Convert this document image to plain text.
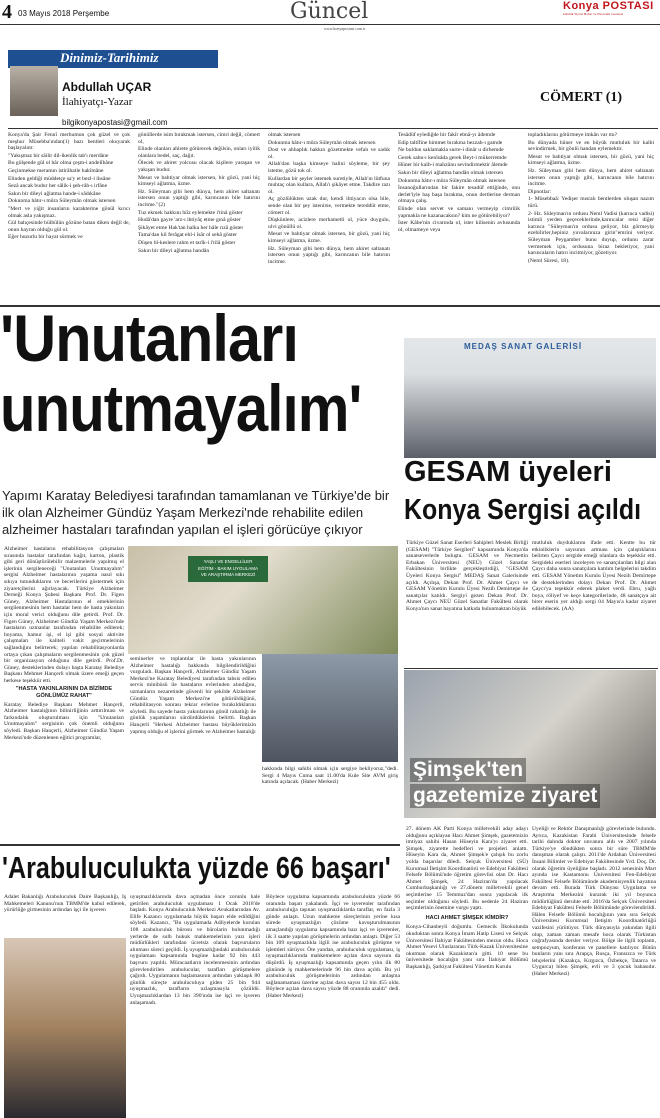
4 03 Mayıs 2018 Perşembe	Güncel
www.konyapostasi.com.tr
Konya POSTASI
Günlük Siyasi Haber ve Ekonomi Gazetesi
Dinimiz-Tarihimiz
Abdullah UÇAR
İlahiyatçı-Yazar
bilgikonyapostasi@gmail.com
CÖMERT (1)

Konya'da Şair Fennî merhumun çok güzel ve çok meşhur Müsebba'ından(1) bazı bentleri okuyarak başlayalım:

"Yakışmaz bir sâilir dil-ikenlik tab'ı merdâne

Bu gülşende gül ol hâr olma çeşm-i andelîbâne

Geçinmekse meramın istirâhatle hakîmâne

Elinden geldiği müddetçe sa'y et bezl-i ihsâne

Sezâ ancak budur her sâlik-i şeh-râh-ı irfâne

Sakın bir dileyi ağlatma hande-i sâdıkâne

Dokunma hâtır-ı mûra Süleymân olmak istersen

"Mert ve yiğit insanların karakterine gönül kırıcı olmak asla yakışmaz.

Gül bahçesinde bülbülün gözüne batan diken değil de, onun hayran olduğu gül ol.

Eğer huzurlu bir hayat sürmek ve

gönüllerde isim bırakmak istersen, cimri değil, cömert ol,

Elinde olanları ahirete götürecek değilsin, onları iyilik olanlara bedel, saç, dağıt.

Ölecek ve ahiret yolcusu olacak kişilere yaraşan ve yakışan budur.

Mesut ve bahtiyar olmak istersen, bir gözü, yani hiç kimseyi ağlatma, üzme.

Hz. Süleyman gibi hem dünya, hem ahiret saltanatı istersen onun yaptığı gibi, karıncanın bile hatırını incitme."(2)

Tuz ekmek hakkını hiîz eylemekte i'tinâ göster

Hudâ'dan gayre 'arz-ı ihtiyâç etme gınâ göster

Şikâyet etme Hak'tan halka her hâle rızâ göster

Tama'dan kil ferâgat ehl-i îsâr ol sehâ göster

Düşen bî-keslere rahm et tarîk-i i'tilâ göster

Sakın bir dileyi ağlatma handân

olmak istersen

Dokunma hâtır-ı mûra Süleymân olmak istersen

Dost ve ahbaplık hakkın gözetmekte vefalı ve sadık ol.

Allah'dan başka kimseye halini söyleme, bir şey isteme, gözü tok ol.

Kullardan bir şeyler istemek suretiyle, Allah'ın lütfuna muhtaç olan kullara, Allah'ı şikâyet etme. Takdire razı ol.

Aç gözlülükten uzak dur, kendi ihtiyacın olsa bile, sende olan bir şey istenirse, vermekte tereddüt etme, cömert ol.

Düşkünlere, acizlere merhametli ol, yüce duygulu, ulvi gönüllü ol.

Mesut ve bahtiyar olmak istersen, bir gözü, yani hiç kimseyi ağlatma, üzme.

Hz. Süleyman gibi hem dünya, hem ahiret saltanatı istersen onun yaptığı gibi, karıncanın bile hatırını incitme.

Tesâdüf eylediğde bir fakîr ebnâ-yı âdemde

Edip taltîfine himmet bırakma bezzah-ı gamde

Ne buldun saklamakla surre-i dinâr u dirhemde

Gerek sahn-ı kenîsâda gerek Beyt-i mükerremde

Hüner bir kalb-i mahzûnu sevindirmektir âlemde

Sakın bir dileyi ağlatma handân olmak istersen

Dokunma hâtır-ı mûra Süleymân olmak istersen

İnsanoğullarından bir fakire tesadüf ettiğinde, onu derlet'iyle baş başa bırakma, onun dertlerine derman olmaya çalış.

Elinde olan servet ve samanı vermeyip cimrilik yapmakla ne kazanacaksın? kim ne götürebiliyor?

İster Kâbe'nin civarında ol, ister kilisenin avlusunda ol, olmameye veya

topladıklarını götürmeye imkân var mı?

Bu dünyada hüner ve en büyük mutluluk bir kalbi sevindirmek, bir gönlü handan eylemektir.

Mesut ve bahtiyar olmak istersen, bir gözü, yani hiç kimseyi ağlatma, üzme.

Hz. Süleyman gibi hem dünya, hem ahiret saltanatı istersen onun yaptığı gibi, karıncanın bile hatırını incitme.

Dipnotlar:

1- Müsebbaâ: Yedişer mısralı bentlerden oluşan nazım türü.

2- Hz. Süleyman'ın ordusu Neml Vadisi (karınca vadisi) istimli yerden geçeceklerinde,karıncalar reisi diğer karınca "Süleyman'ın ordusu geliyor, biz görmeyip ezebilirler,hepiniz yuvalarınıza girin"emrini veriyor. Süleyman Peygamber bunu duyup, ordunu zarar vermemek için, ordusuna biraz bekletiyor, yani karıncaların hatırı incitmiyor, gözetiyor.

(Neml Süresi, 18).

'Unutanları
unutmayalım'
Yapımı Karatay Belediyesi tarafından tamamlanan ve Türkiye'de bir
ilk olan Alzheimer Gündüz Yaşam Merkezi'nde rehabilite edilen
alzheimer hastaları tarafından yapılan el işleri görücüye çıkıyor

Alzheimer hastaların rehabilitasyon çalışmaları sırasında hastalar tarafından kağıt, karton, plastik gibi geri dönüştürülebilir malzemelerle yapılmış el işlerinin sergileneceği "Unutanları Unutmayalım" sergisi Alzheimer hastalarının yaşama nasıl sıkı sıkıya tutunduklarını ve becerilerini göstermek için ziyaretçilerini ağırlayacak. Türkiye Alzheimer Derneği Konya Şubesi Başkanı Prof. Dr. Figen Güney, Alzheimer Hastalarının el emeklerinin sergilenmesinin hem hastalar hem de hasta yakınları için moral verici olduğunu dile getirdi. Prof. Dr. Figen Güney, Alzheimer Gündüz Yaşam Merkezi'nde hastaların uzmanlar tarafından rehabilite edilerek; boyama, hamur işi, el işi gibi sosyal aktivite çalışmaları ile kaliteli vakit geçirmelerinin sağlandığını belirterek; yapılan rehabilitasyonlarda ortaya çıkan çalışmaların sergilenmesinin çok güzel bir organizasyon olduğunu dile getirdi. Prof.Dr. Güney, desteklerinden dolayı başta Karatay Belediye Başkanı Mehmet Hançerli olmak üzere emeği geçen herkese teşekkür etti.

"HASTA YAKINLARININ DA BİZİMDE GÖNLÜMÜZ RAHAT"

Karatay Belediye Başkanı Mehmet Hançerli, Alzheimer hastalığının bilinirliğinin arttırılması ve farkındalık oluşturulması için "Unutanları Unutmayalım" sergisinin çok önemli olduğunu söyledi. Başkan Hançerli, Alzheimer Gündüz Yaşam Merkezi'nde düzenlenen eğitici programlar,

YAŞLI VE ENGELLİLER
EĞİTİM - BAKIM UYGULAMA
VE ARAŞTIRMA MERKEZİ

seminerler ve toplantılar ile hasta yakınlarının Alzheimer hastalığı hakkında bilgilendirildiğini vurguladı. Başkan Hançerli, Alzheimer Gündüz Yaşam Merkezi'ne Karatay Belediyesi tarafından tahsis edilen servis minibüsü ile hastaların evlerinden alındığını, uzmanların nezaretinde güvenli bir şekilde Alzheimer Gündüz Yaşam Merkezi'ne götürüldüğünü, rehabilitasyon sonrası tekrar evlerine bırakıldıklarını söyledi. Bu sayede hasta yakınlarının gönül rahatlığı ile günlük yaşamlarını sürdürdüklerini belirtti. Başkan Hançerli "Herkesi Alzheimer hastası büyüklerimizin yapmış olduğu el işlerini görmek ve Alzheimer hastalığı

hakkında bilgi sahibi olmak için sergiye bekliyoruz,"dedi. Sergi 4 Mayıs Cuma saat 11.00'da Kule Site AVM giriş katında açılacak. (Haber Merkezi)

MEDAŞ SANAT GALERİSİ
GESAM üyeleri
Konya Sergisi açıldı

Türkiye Güzel Sanat Eserleri Sahipleri Meslek Birliği (GESAM) "Türkiye Sergileri" kapsamında Konya'da sanatseverlerle buluştu. GESAM ve Necmettin Erbakan Üniversitesi (NEÜ) Güzel Sanatlar Fakültesinin birlikte gerçekleştirdiği, "GESAM Üyeleri Konya Sergisi" MEDAŞ Sanat Galerisinde açıldı. Açılışa, Dekan Prof. Dr. Ahmet Çaycı ve GESAM Yönetim Kurulu Üyesi Nezih Demirtepe ile sanatçılar katıldı. Sergiyi gezen Dekan Prof. Dr. Ahmet Çaycı NEÜ Güzel Sanatlar Fakültesi olarak Konya'nın sanat hayatına katkıda bulunmaktan büyük

mutluluk duyduklarını ifade etti. Kentte bu tür etkinliklerin sayısının artması için çalıştıklarını belirten Çaycı sergide emeği olanlara da teşekkür etti. Sergideki eserleri inceleyen ve sanatçılardan bilgi alan Çaycı daha sonra sanatçılara katılım belgelerini takdim etti. GESAM Yönetim Kurulu Üyesi Nezih Demirtepe de desteklerinden dolayı Dekan Prof. Dr. Ahmet Çaycı'ya teşekkür ederek plaket verdi. Ebru, yağlı boya, röliyef ve keçe kategorilerinde, 48 sanatçıya ait birer eserin yer aldığı sergi 04 Mayıs'a kadar ziyaret edilebilecek. (AA)

Şimşek'ten
gazetemize ziyaret

27. dönem AK Parti Konya milletvekili aday adayı olduğunu açıklayan Hacı Ahmet Şimşek, gazetemizin imtiyaz sahibi Hasan Hüseyin Kara'yı ziyaret etti. Şimşek, ziyarette hedefleri ve projeleri anlattı. Hüseyin Kara da, Ahmet Şimşek'e çalışık bu zorlu yolda başarılar diledi. Selçuk Üniversitesi (SÜ) Kurumsal İletişim Koordinatörü ve Edebiyat Fakültesi Felsefe Bölümü'nde öğretim görevlisi olan Dr. Hacı Ahmet Şimşek, 24 Haziran'da yapılacak Cumhurbaşkanlığı ve 27.dönem milletvekili genel seçimlerine 15 Temmuz'dan sonra yapılacak ilk seçimler olduğunu söyledi. Bu nedenle 24 Haziran seçimlerinin önemine vurgu yaptı.

HACI AHMET ŞİMŞEK KİMDİR?

Konya-Cihanbeyli doğumlu. Gemecik İlkokulunda okuduktan sonra Konya İmam Hatip Lisesi ve Selçuk Üniversitesi İlahiyat Fakültesinden mezun oldu. Hoca Ahmet Yesevi Uluslararası Türk-Kazak Üniversitesine okutman olarak Kazakistan'a gitti. 10 sene bu üniversitede hocalığın yanı sıra İlahiyat Bölümü Başkanlığı, Şarkiyat Fakültesi Yönetim Kurulu

Üyeliği ve Rektör Danışmanlığı görevlerinde bulundu. Ayrıca, Kazakistan Farabi Üniversitesinde felsefe tarihi dalında doktor unvanını aldı ve 2007 yılında Türkiye'ye döndükten sonra bir süre TBMM'de danışman olarak çalıştı. 2011'de Ardahan Üniversitesi İnsani Bilimler ve Edebiyat Fakültesinde Yrd. Doç. Dr. olarak öğretim üyeliğine başladı. 2012 senesinin Mart ayında ise Kastamonu Üniversitesi Fen-Edebiyat Fakültesi Felsefe Bölümünde akademisyenlik hayatına devam etti. Burada Türk Dünyası Uygulama ve Araştırma Merkezini kurarak iki yıl boyunca müdürlüğünü deruhte etti. 2016'da Selçuk Üniversitesi Edebiyat Fakültesi Felsefe Bölümünde görevlendirildi. Hâlen Felsefe Bölümü hocalığının yanı sıra Selçuk Üniversitesi Kurumsal İletişim Koordinatörlüğü vazifesini yürütüyor. Türk dünyasıyla yakından ilgili olup, zaman zaman mesafe hoca olarak Türkistan coğrafyasında dersler veriyor. Bölge ile ilgili toplantı, sempozyum, konferans ve panellere katılıyor. Bütün bunların yanı sıra Arapça, Rusça, Fransızca ve Türk lehçelerini (Kazakça, Kırgızca, Özbekçe, Tatarca ve Uygurca) bilen Şimşek, evli ve 3 çocuk babasıdır. (Haber Merkezi)

'Arabuluculukta yüzde 66 başarı'

Adalet Bakanlığı Arabuluculuk Daire Başkanlığı, İş Mahkemeleri Kanunu'nun TBMM'de kabul edilerek, yürürlüğe girmesinin ardından işçi ile işveren

uyuşmazlıklarında dava açmadan önce zorunlu hale getirilen arabuluculuk uygulaması 1 Ocak 2018'de başladı. Konya Arabuluculuk Merkezi Avukatlarından Av. Elife Kazancı uygulamada büyük başarı elde edildiğini söyledi. Kazancı, "Bu uygulamada Adliyelerde kurulan 108 arabuluculuk bürosu ve bürolarin bulunmadığı yerlerde de sulh hukuk mahkemelerinin yazı işleri müdürlükleri tarafından ücretsiz olarak başvuruların alınması süreci geçildi. İş uyuşmazlığındaki arabuluculuk uygulaması kapsamında bugüne kadar 92 bin 443 başvuru yapıldı. Müracaatların incelenmesinin ardından görevlendirilen arabulucular, tarafları görüşmelere çağırdı. Uygulamanın başlamasının ardından yaklaşık 80 günlük süreçte arabuluculuya giden 25 bin 944 uyuşmazlık, tarafların uzlaşmasıyla çözüldü. Uyuşmazlıklardan 13 bin 390'ında ise işçi ve işveren anlaşamadı.

Böylece uygulama kapsamında arabuluculukta yüzde 66 oranında başarı yakalandı. İşçi ve işverenler tarafından arabuluculuğa taşınan uyuşmazlıklarda taraflar, en fazla 3 günde anlaştı. Uzun mahkeme süreçlerinin yerine kısa sürede uyuşmazlığın çözüme kavuşturulmasının amaçlandığı uygulama kapsamında bazı işçi ve işverenler, iik 3 saatte yapılan görüşmelerin ardından anlaştı. Diğer 53 bin 109 uyuşmazlıkla ilgili ise arabuluculuk görüşme ve işlemleri sürüyor. Öte yandan, arabuluculuk uygulaması, iş uyuşmazlıklarında mahkemelere açılan dava sayısını da düşürdü. İş uyuşmazlığı kapsamında geçen yılın ilk 80 gününde iş mahkemelerinde 96 bin dava açıldı. Bu yıl arabuluculuk görüşmelerinin ardından anlaşma sağlanamaması üzerine açılan dava sayısı 12 bin 455 oldu. Böylece açılan dava sayısı yüzde 88 oranında azaldı" dedi. (Haber Merkezi)
